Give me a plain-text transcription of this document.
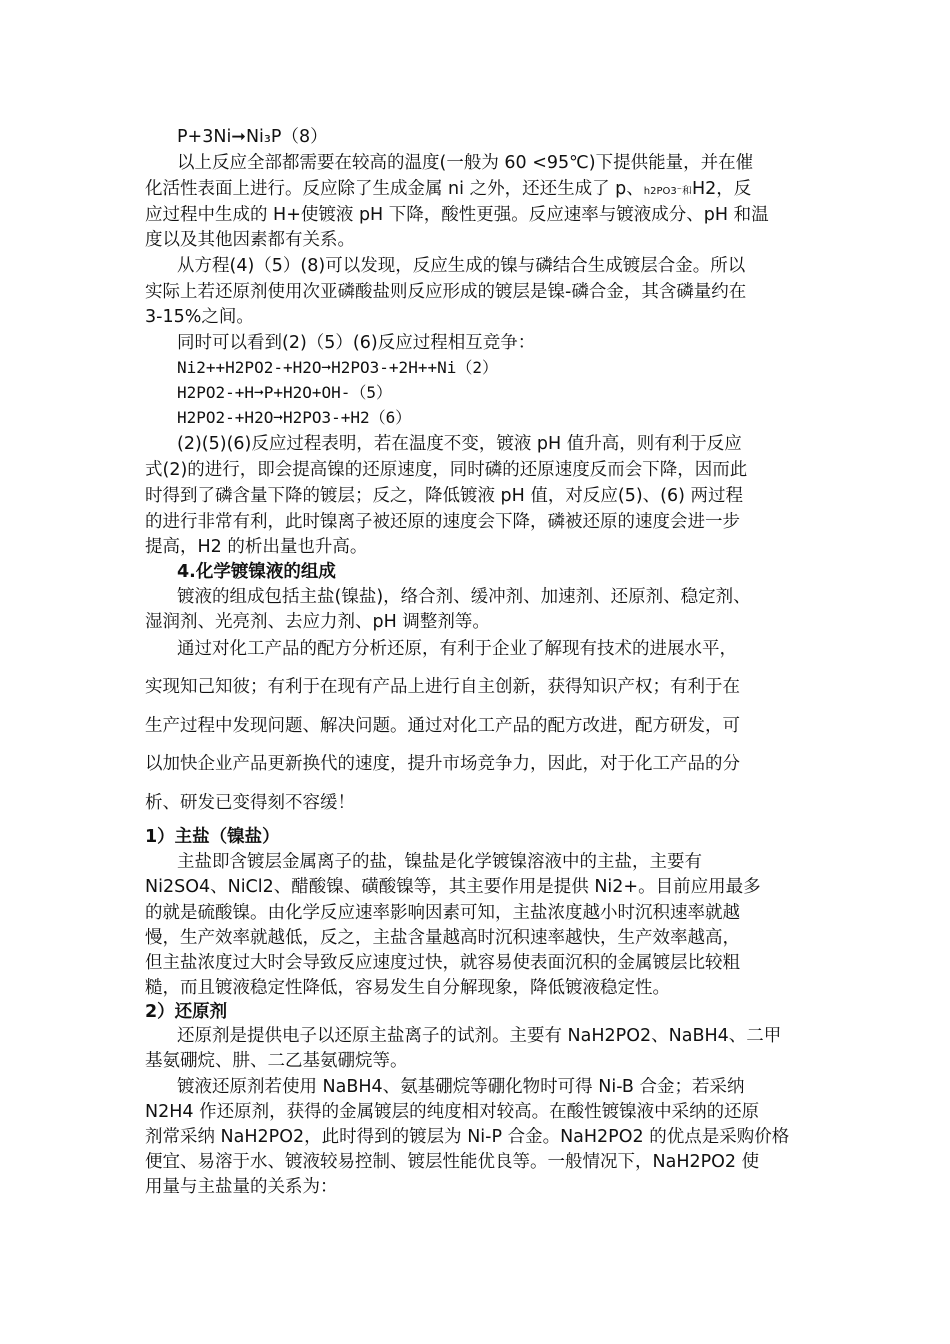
P+3Ni➞Ni₃P（8）
以上反应全部都需要在较高的温度(一般为 60 <95℃)下提供能量，并在催
化活性表面上进行。反应除了生成金属 ni 之外，还还生成了 p、h2PO3⁻和H2，反
应过程中生成的 H+使镀液 pH 下降，酸性更强。反应速率与镀液成分、pH 和温
度以及其他因素都有关系。
从方程(4)（5）(8)可以发现，反应生成的镍与磷结合生成镀层合金。所以
实际上若还原剂使用次亚磷酸盐则反应形成的镀层是镍-磷合金，其含磷量约在
3-15%之间。
同时可以看到(2)（5）(6)反应过程相互竞争：
Ni2++H2PO2-+H2O➞H2PO3-+2H++Ni（2）
H2PO2-+H➞P+H2O+OH-（5）
H2PO2-+H2O➞H2PO3-+H2（6）
(2)(5)(6)反应过程表明，若在温度不变，镀液 pH 值升高，则有利于反应
式(2)的进行，即会提高镍的还原速度，同时磷的还原速度反而会下降，因而此
时得到了磷含量下降的镀层；反之，降低镀液 pH 值，对反应(5)、(6) 两过程
的进行非常有利，此时镍离子被还原的速度会下降，磷被还原的速度会进一步
提高，H2 的析出量也升高。
4.化学镀镍液的组成
镀液的组成包括主盐(镍盐)，络合剂、缓冲剂、加速剂、还原剂、稳定剂、
湿润剂、光亮剂、去应力剂、pH 调整剂等。
通过对化工产品的配方分析还原，有利于企业了解现有技术的进展水平，
实现知己知彼；有利于在现有产品上进行自主创新，获得知识产权；有利于在
生产过程中发现问题、解决问题。通过对化工产品的配方改进，配方研发，可
以加快企业产品更新换代的速度，提升市场竞争力，因此，对于化工产品的分
析、研发已变得刻不容缓！
1）主盐（镍盐）
主盐即含镀层金属离子的盐，镍盐是化学镀镍溶液中的主盐，主要有
Ni2SO4、NiCl2、醋酸镍、磺酸镍等，其主要作用是提供 Ni2+。目前应用最多
的就是硫酸镍。由化学反应速率影响因素可知，主盐浓度越小时沉积速率就越
慢，生产效率就越低，反之，主盐含量越高时沉积速率越快，生产效率越高，
但主盐浓度过大时会导致反应速度过快，就容易使表面沉积的金属镀层比较粗
糙，而且镀液稳定性降低，容易发生自分解现象，降低镀液稳定性。
2）还原剂
还原剂是提供电子以还原主盐离子的试剂。主要有 NaH2PO2、NaBH4、二甲
基氨硼烷、肼、二乙基氨硼烷等。
镀液还原剂若使用 NaBH4、氨基硼烷等硼化物时可得 Ni-B 合金；若采纳
N2H4 作还原剂，获得的金属镀层的纯度相对较高。在酸性镀镍液中采纳的还原
剂常采纳 NaH2PO2，此时得到的镀层为 Ni-P 合金。NaH2PO2 的优点是采购价格
便宜、易溶于水、镀液较易控制、镀层性能优良等。一般情况下，NaH2PO2 使
用量与主盐量的关系为：
